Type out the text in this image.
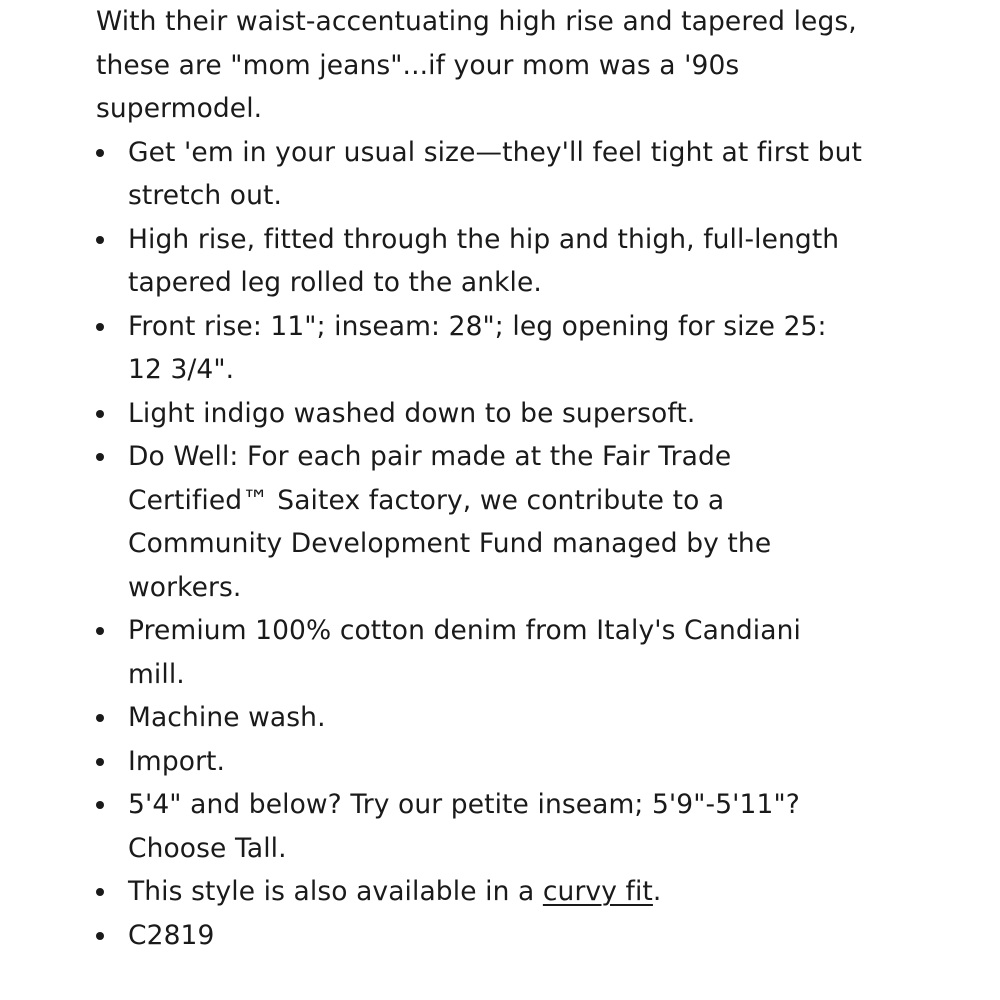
With their waist-accentuating high rise and tapered legs, these are "mom jeans"...if your mom was a '90s supermodel.

Get 'em in your usual size—they'll feel tight at first but stretch out.
High rise, fitted through the hip and thigh, full-length tapered leg rolled to the ankle.
Front rise: 11"; inseam: 28"; leg opening for size 25: 12 3/4".
Light indigo washed down to be supersoft.
Do Well: For each pair made at the Fair Trade Certified™ Saitex factory, we contribute to a Community Development Fund managed by the workers.
Premium 100% cotton denim from Italy's Candiani mill.
Machine wash.
Import.
5'4" and below? Try our petite inseam; 5'9"-5'11"? Choose Tall.
This style is also available in a curvy fit.
C2819
